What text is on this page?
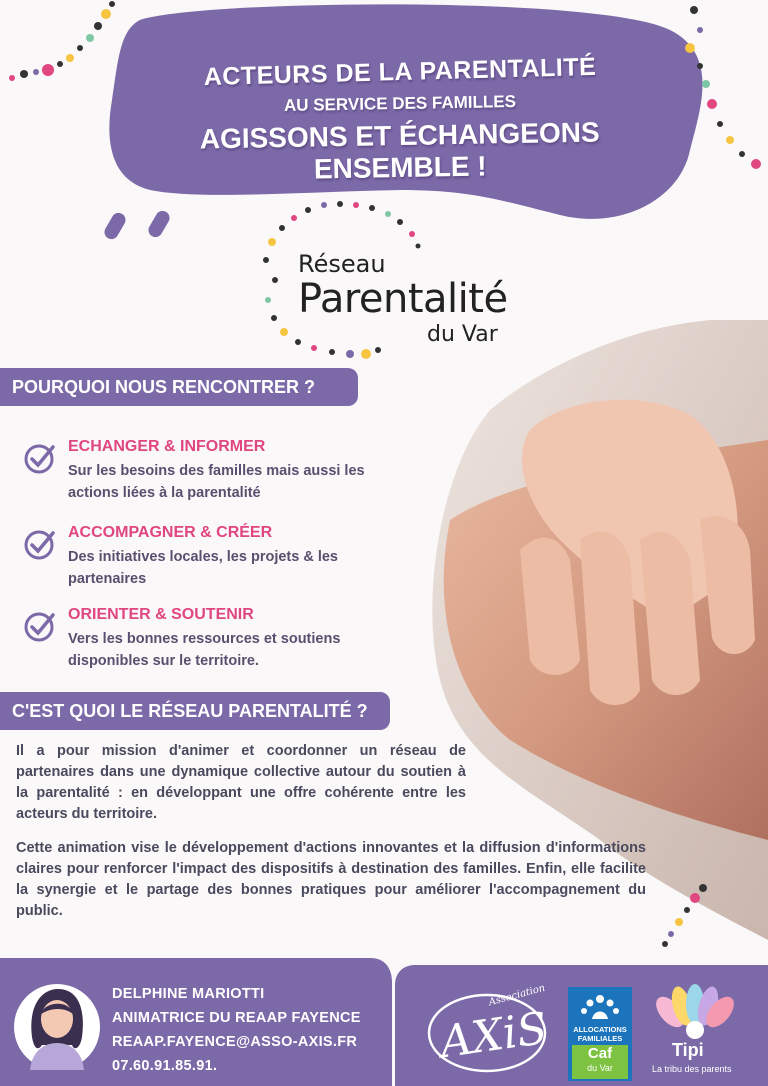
ACTEURS DE LA PARENTALITÉ
AU SERVICE DES FAMILLES
AGISSONS ET ÉCHANGEONS ENSEMBLE !
Réseau
Parentalité
du Var
POURQUOI NOUS RENCONTRER ?
ECHANGER & INFORMER
Sur les besoins des familles mais aussi les actions liées à la parentalité
ACCOMPAGNER & CRÉER
Des initiatives locales, les projets & les partenaires
ORIENTER & SOUTENIR
Vers les bonnes ressources et soutiens disponibles sur le territoire.
C'EST QUOI LE RÉSEAU PARENTALITÉ ?
Il a pour mission d'animer et coordonner un réseau de partenaires dans une dynamique collective autour du soutien à la parentalité : en développant une offre cohérente entre les acteurs du territoire.
Cette animation vise le développement d'actions innovantes et la diffusion d'informations claires pour renforcer l'impact des dispositifs à destination des familles. Enfin, elle facilite la synergie et le partage des bonnes pratiques pour améliorer l'accompagnement du public.
DELPHINE MARIOTTI
ANIMATRICE DU REAAP FAYENCE
REAAP.FAYENCE@ASSO-AXIS.FR
07.60.91.85.91.
Association
AXiS	ALLOCATIONS
FAMILIALES
Caf
du Var
Tipi
La tribu des parents
